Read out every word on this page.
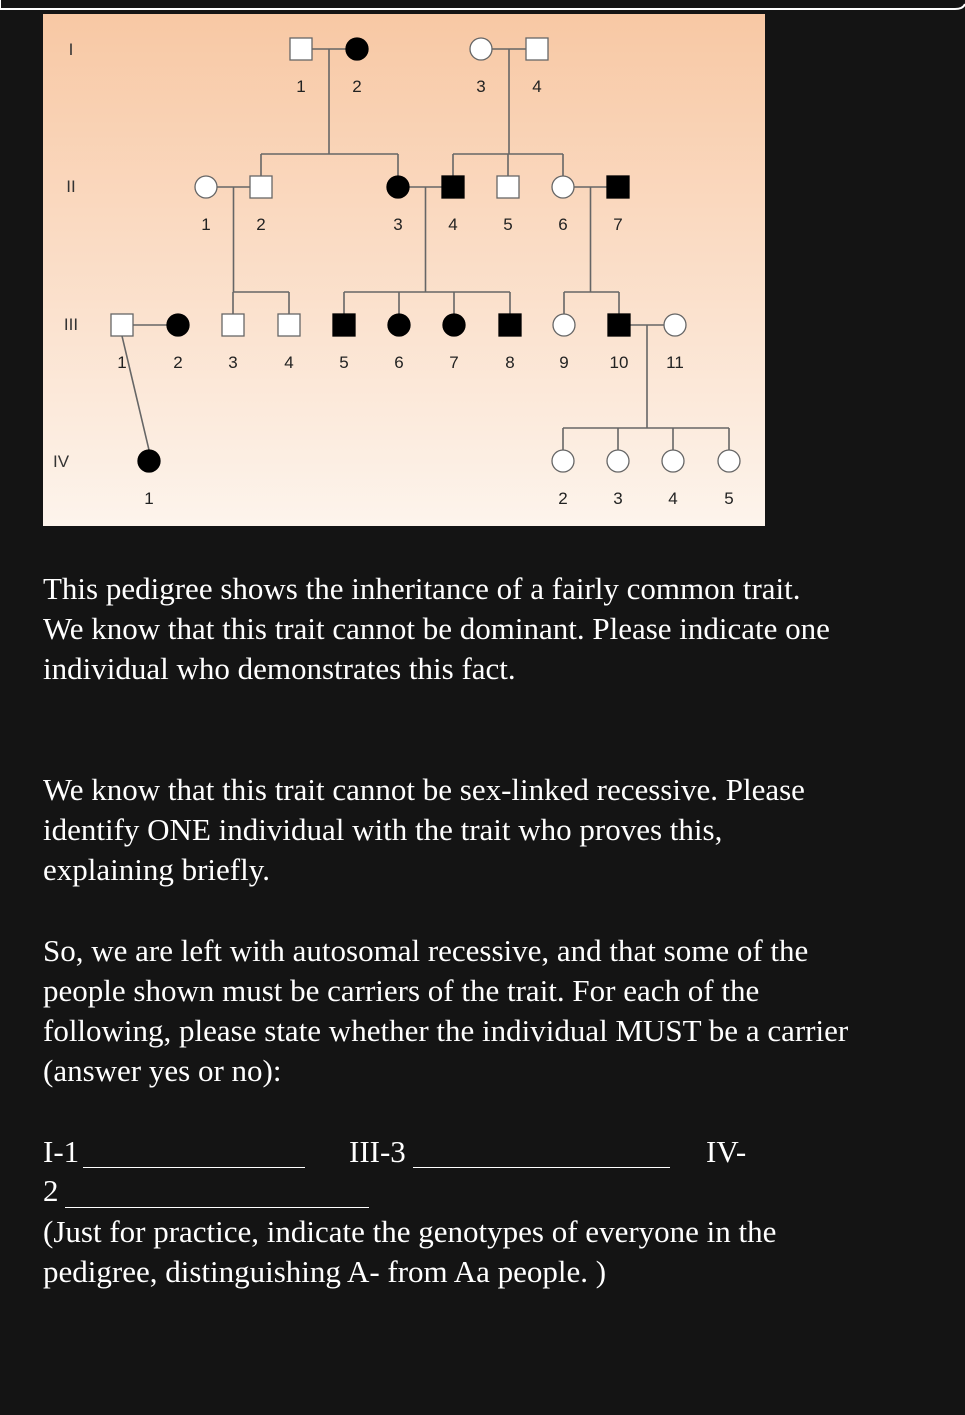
I
II
III
IV
1	2	3	4
1	2	3	4	5	6	7
1	2	3	4	5	6	7	8	9 10 11
1	2	3	4	5
This pedigree shows the inheritance of a fairly common trait.
We know that this trait cannot be dominant. Please indicate one
individual who demonstrates this fact.
We know that this trait cannot be sex-linked recessive. Please
identify ONE individual with the trait who proves this,
explaining briefly.
So, we are left with autosomal recessive, and that some of the
people shown must be carriers of the trait. For each of the
following, please state whether the individual MUST be a carrier
(answer yes or no):
I-1	III-3	IV-
2
(Just for practice, indicate the genotypes of everyone in the
pedigree, distinguishing A- from Aa people. )
